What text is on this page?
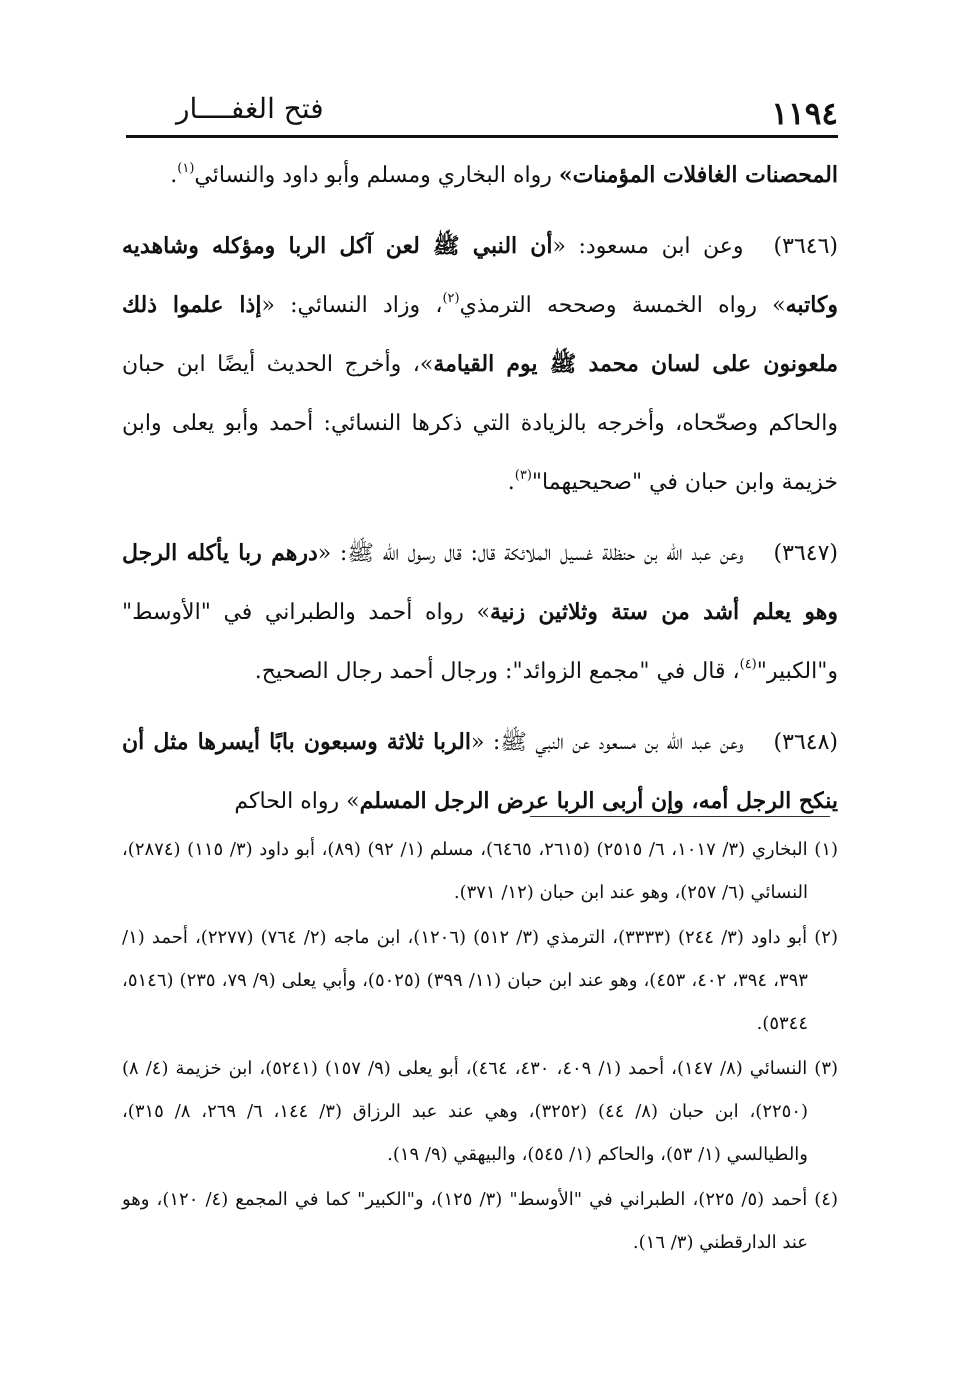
١١٩٤

فتح الغفــــار

المحصنات الغافلات المؤمنات» رواه البخاري ومسلم وأبو داود والنسائي$^{(١)}$.

(٣٦٤٦)وعن ابن مسعود: «أن النبي ﷺ لعن آكل الربا ومؤكله وشاهديه وكاتبه» رواه الخمسة وصححه الترمذي$^{(٢)}$، وزاد النسائي: «إذا علموا ذلك ملعونون على لسان محمد ﷺ يوم القيامة»، وأخرج الحديث أيضًا ابن حبان والحاكم وصحّحاه، وأخرجه بالزيادة التي ذكرها النسائي: أحمد وأبو يعلى وابن خزيمة وابن حبان في "صحيحيهما"$^{(٣)}$.

(٣٦٤٧)وعن عبد الله بن حنظلة غسيل الملائكة قال: قال رسول الله ﷺ: «درهم ربا يأكله الرجل وهو يعلم أشد من ستة وثلاثين زنية» رواه أحمد والطبراني في "الأوسط" و"الكبير"$^{(٤)}$، قال في "مجمع الزوائد": ورجال أحمد رجال الصحيح.

(٣٦٤٨)وعن عبد الله بن مسعود عن النبي ﷺ: «الربا ثلاثة وسبعون بابًا أيسرها مثل أن ينكح الرجل أمه، وإن أربى الربا عرض الرجل المسلم» رواه الحاكم

(١) البخاري (٣/ ١٠١٧، ٦/ ٢٥١٥) (٢٦١٥، ٦٤٦٥)، مسلم (١/ ٩٢) (٨٩)، أبو داود (٣/ ١١٥) (٢٨٧٤)، النسائي (٦/ ٢٥٧)، وهو عند ابن حبان (١٢/ ٣٧١).

(٢) أبو داود (٣/ ٢٤٤) (٣٣٣٣)، الترمذي (٣/ ٥١٢) (١٢٠٦)، ابن ماجه (٢/ ٧٦٤) (٢٢٧٧)، أحمد (١/ ٣٩٣، ٣٩٤، ٤٠٢، ٤٥٣)، وهو عند ابن حبان (١١/ ٣٩٩) (٥٠٢٥)، وأبي يعلى (٩/ ٧٩، ٢٣٥) (٥١٤٦، ٥٣٤٤).

(٣) النسائي (٨/ ١٤٧)، أحمد (١/ ٤٠٩، ٤٣٠، ٤٦٤)، أبو يعلى (٩/ ١٥٧) (٥٢٤١)، ابن خزيمة (٤/ ٨) (٢٢٥٠)، ابن حبان (٨/ ٤٤) (٣٢٥٢)، وهي عند عبد الرزاق (٣/ ١٤٤، ٦/ ٢٦٩، ٨/ ٣١٥)، والطيالسي (١/ ٥٣)، والحاكم (١/ ٥٤٥)، والبيهقي (٩/ ١٩).

(٤) أحمد (٥/ ٢٢٥)، الطبراني في "الأوسط" (٣/ ١٢٥)، و"الكبير" كما في المجمع (٤/ ١٢٠)، وهو عند الدارقطني (٣/ ١٦).
